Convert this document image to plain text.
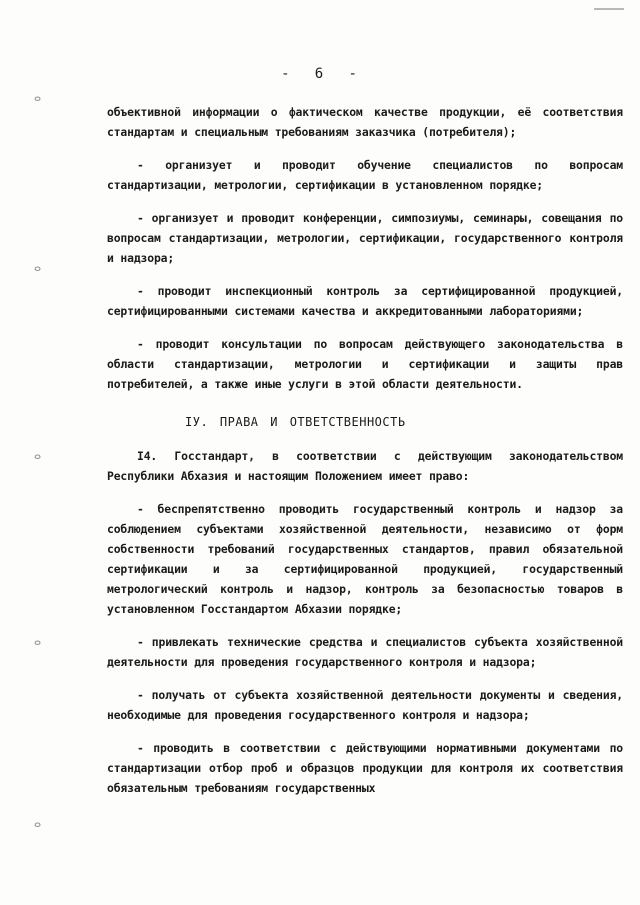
ⴰ
ⴰ
ⴰ
ⴰ
ⴰ
- 6 -

объективной информации о фактическом качестве продукции, её соответствия стандартам и специальным требованиям заказчика (потребителя);

- организует и проводит обучение специалистов по вопросам стандартизации, метрологии, сертификации в установленном порядке;

- организует и проводит конференции, симпозиумы, семинары, совещания по вопросам стандартизации, метрологии, сертификации, государственного контроля и надзора;

- проводит инспекционный контроль за сертифицированной продукцией, сертифицированными системами качества и аккредитованными лабораториями;

- проводит консультации по вопросам действующего законодательства в области стандартизации, метрологии и сертификации и защиты прав потребителей, а также иные услуги в этой области деятельности.

IУ. ПРАВА И ОТВЕТСТВЕННОСТЬ

I4. Госстандарт, в соответствии с действующим законодательством Республики Абхазия и настоящим Положением имеет право:

- беспрепятственно проводить государственный контроль и надзор за соблюдением субъектами хозяйственной деятельности, независимо от форм собственности требований государственных стандартов, правил обязательной сертификации и за сертифицированной продукцией, государственный метрологический контроль и надзор, контроль за безопасностью товаров в установленном Госстандартом Абхазии порядке;

- привлекать технические средства и специалистов субъекта хозяйственной деятельности для проведения государственного контроля и надзора;

- получать от субъекта хозяйственной деятельности документы и сведения, необходимые для проведения государственного контроля и надзора;

- проводить в соответствии с действующими нормативными документами по стандартизации отбор проб и образцов продукции для контроля их соответствия обязательным требованиям государственных
